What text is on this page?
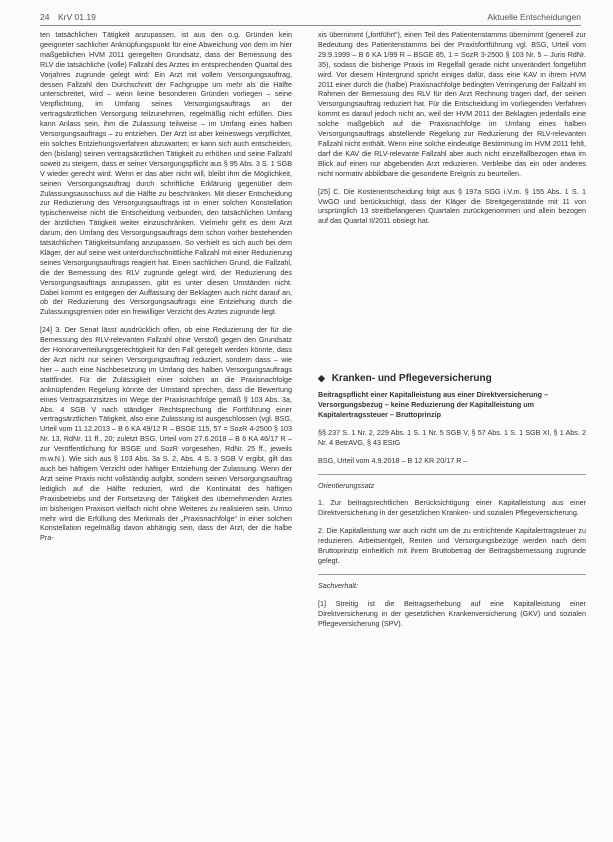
24 KrV 01.19	Aktuelle Entscheidungen

ten tatsächlichen Tätigkeit anzupassen, ist aus den o.g. Gründen kein geeigneter sachlicher Anknüpfungspunkt für eine Abweichung von dem im hier maßgeblichen HVM 2011 geregelten Grundsatz, dass der Bemessung des RLV die tatsächliche (volle) Fallzahl des Arztes im entsprechenden Quartal des Vorjahres zugrunde gelegt wird: Ein Arzt mit vollem Versorgungsauftrag, dessen Fallzahl den Durchschnitt der Fachgruppe um mehr als die Hälfte unterschreitet, wird – wenn keine besonderen Gründen vorliegen – seine Verpflichtung, im Umfang seines Versorgungsauftrags an der vertragsärztlichen Versorgung teilzunehmen, regelmäßig nicht erfüllen. Dies kann Anlass sein, ihm die Zulassung teilweise – im Umfang eines halben Versorgungsauftrags – zu entziehen. Der Arzt ist aber keineswegs verpflichtet, ein solches Entziehungsverfahren abzuwarten; er kann sich auch entscheiden, den (bislang) seinen vertragsärztlichen Tätigkeit zu erhöhen und seine Fallzahl soweit zu steigern, dass er seiner Versorgungspflicht aus § 95 Abs. 3 S. 1 SGB V wieder gerecht wird. Wenn er das aber nicht will, bleibt ihm die Möglichkeit, seinen Versorgungsauftrag durch schriftliche Erklärung gegenüber dem Zulassungsausschuss auf die Hälfte zu beschränken. Mit dieser Entscheidung zur Reduzierung des Versorgungsauftrags ist in einer solchen Konstellation typischerweise nicht die Entscheidung verbunden, den tatsächlichen Umfang der ärztlichen Tätigkeit weiter einzuschränken. Vielmehr geht es dem Arzt darum, den Umfang des Versorgungsauftrags dem schon vorher bestehenden tatsächlichen Tätigkeitsumfang anzupassen. So verhielt es sich auch bei dem Kläger, der auf seine weit unterdurchschnittliche Fallzahl mit einer Reduzierung seines Versorgungsauftrags reagiert hat. Einen sachlichen Grund, die Fallzahl, die der Bemessung des RLV zugrunde gelegt wird, der Reduzierung des Versorgungsauftrags anzupassen, gibt es unter diesen Umständen nicht. Dabei kommt es entgegen der Auffassung der Beklagten auch nicht darauf an, ob der Reduzierung des Versorgungsauftrags eine Entziehung durch die Zulassungsgremien oder ein freiwilliger Verzicht des Arztes zugrunde liegt.

[24] 3. Der Senat lässt ausdrücklich offen, ob eine Reduzierung der für die Bemessung des RLV-relevanten Fallzahl ohne Verstoß gegen den Grundsatz der Honorarverteilungsgerechtigkeit für den Fall geregelt werden könnte, dass der Arzt nicht nur seinen Versorgungsauftrag reduziert, sondern dass – wie hier – auch eine Nachbesetzung im Umfang des halben Versorgungsauftrags stattfindet. Für die Zulässigkeit einer solchen an die Praxisnachfolge anknüpfenden Regelung könnte der Umstand sprechen, dass die Bewertung eines Vertragsarztsitzes im Wege der Praxisnachfolge gemäß § 103 Abs. 3a, Abs. 4 SGB V nach ständiger Rechtsprechung die Fortführung einer vertragsärztlichen Tätigkeit, also eine Zulassung ist ausgeschlossen (vgl. BSG, Urteil vom 11.12.2013 – B 6 KA 49/12 R – BSGE 115, 57 = SozR 4-2500 § 103 Nr. 13, RdNr. 11 ff., 20; zuletzt BSG, Urteil vom 27.6.2018 – B 6 KA 46/17 R – zur Veröffentlichung für BSGE und SozR vorgesehen, RdNr. 25 ff., jeweils m.w.N.). Wie sich aus § 103 Abs. 3a S. 2, Abs. 4 S. 3 SGB V ergibt, gilt das auch bei häftigem Verzicht oder häftiger Entziehung der Zulassung. Wenn der Arzt seine Praxis nicht vollständig aufgibt, sondern seinen Versorgungsauftrag lediglich auf die Hälfte reduziert, wird die Kontinuität des häftigen Praxisbetriebs und der Fortsetzung der Tätigkeit des übernehmenden Arztes im bisherigen Praxisort vielfach nicht ohne Weiteres zu realisieren sein. Umso mehr wird die Erfüllung des Merkmals der „Praxisnachfolge“ in einer solchen Konstellation regelmäßig davon abhängig sein, dass der Arzt, der die halbe Pra-

xis übernimmt („fortführt“), einen Teil des Patientenstamms übernimmt (generell zur Bedeutung des Patientenstamms bei der Praxisfortführung vgl. BSG, Urteil vom 29.9.1999 – B 6 KA 1/99 R – BSGE 85, 1 = SozR 3-2500 § 103 Nr. 5 – Juris RdNr. 35), sodass die bisherige Praxis im Regelfall gerade nicht unverändert fortgeführt wird. Vor diesem Hintergrund spricht einiges dafür, dass eine KAV in ihrem HVM 2011 einer durch die (halbe) Praxisnachfolge bedingten Verringerung der Fallzahl im Rahmen der Bemessung des RLV für den Arzt Rechnung tragen darf, der seinen Versorgungsauftrag reduziert hat. Für die Entscheidung im vorliegenden Verfahren kommt es darauf jedoch nicht an, weil der HVM 2011 der Beklagten jedenfalls eine solche maßgeblich auf die Praxisnachfolge im Umfang eines halben Versorgungsauftrags abstellende Regelung zur Reduzierung der RLV-relevanten Fallzahl nicht enthält. Wenn eine solche eindeutige Bestimmung im HVM 2011 fehlt, darf die KAV die RLV-relevante Fallzahl aber auch nicht einzelfallbezogen etwa im Blick auf einen nur abgebenden Arzt reduzieren. Verbleibe das ein oder anderes nicht normativ abbildbare die gesonderte Ereignis zu beurteilen.

[25] C. Die Kostenentscheidung folgt aus § 197a SGG i.V.m. § 155 Abs. 1 S. 1 VwGO und berücksichtigt, dass der Kläger die Streitgegenstände mit 11 von ursprünglich 13 streitbefangenen Quartalen zurückgenommen und allein bezogen auf das Quartal II/2011 obsiegt hat.

◆ Kranken- und Pflegeversicherung

Beitragspflicht einer Kapitalleistung aus einer Direktversicherung – Versorgungsbezug – keine Reduzierung der Kapitalleistung um Kapitalertragssteuer – Bruttoprinzip

§§ 237 S. 1 Nr. 2, 229 Abs. 1 S. 1 Nr. 5 SGB V, § 57 Abs. 1 S. 1 SGB XI, § 1 Abs. 2 Nr. 4 BetrAVG, § 43 EStG

BSG, Urteil vom 4.9.2018 – B 12 KR 20/17 R –

Orientierungssatz

1. Zur beitragsrechtlichen Berücksichtigung einer Kapitalleistung aus einer Direktversicherung in der gesetzlichen Kranken- und sozialen Pflegeversicherung.

2. Die Kapitalleistung war auch nicht um die zu entrichtende Kapitalertragsteuer zu reduzieren. Arbeitsentgelt, Renten und Versorgungsbezüge werden nach dem Bruttoprinzip einheitlich mit ihrem Bruttobetrag der Beitragsbemessung zugrunde gelegt.

Sachverhalt:

[1] Streitig ist die Beitragserhebung auf eine Kapitalleistung einer Direktversicherung in der gesetzlichen Krankenversicherung (GKV) und sozialen Pflegeversicherung (SPV).
